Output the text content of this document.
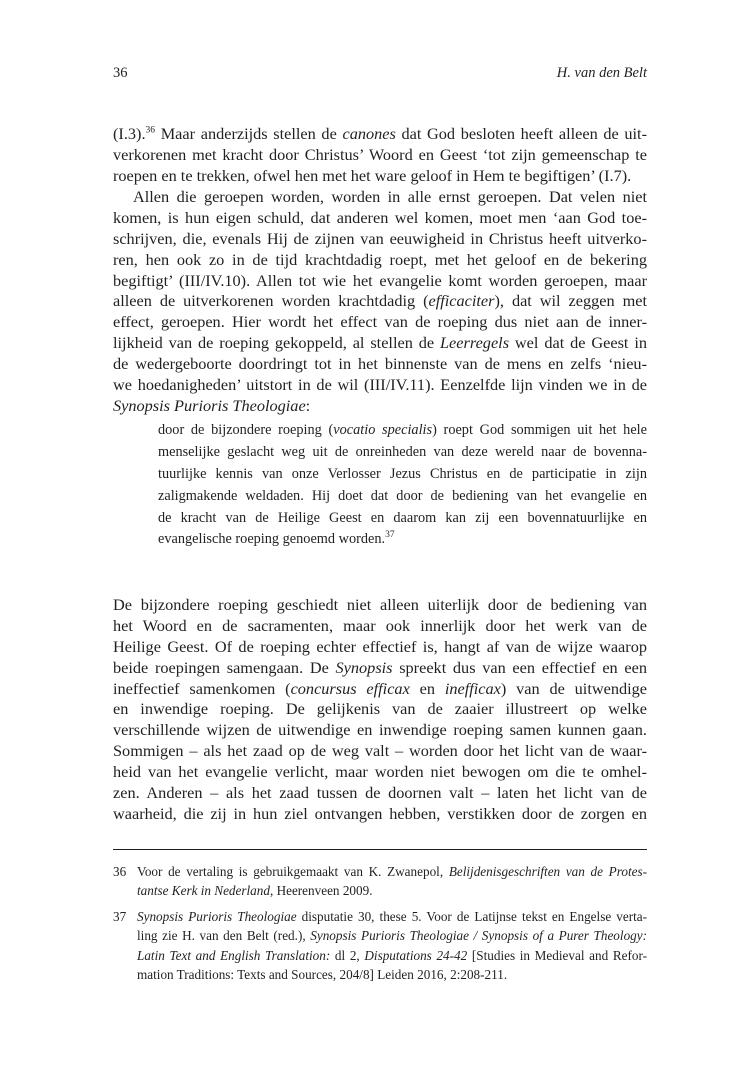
36	H. van den Belt
(I.3).$^{36}$ Maar anderzijds stellen de canones dat God besloten heeft alleen de uit-
verkorenen met kracht door Christus’ Woord en Geest ‘tot zijn gemeenschap te
roepen en te trekken, ofwel hen met het ware geloof in Hem te begiftigen’ (I.7).
Allen die geroepen worden, worden in alle ernst geroepen. Dat velen niet
komen, is hun eigen schuld, dat anderen wel komen, moet men ‘aan God toe-
schrijven, die, evenals Hij de zijnen van eeuwigheid in Christus heeft uitverko-
ren, hen ook zo in de tijd krachtdadig roept, met het geloof en de bekering
begiftigt’ (III/IV.10). Allen tot wie het evangelie komt worden geroepen, maar
alleen de uitverkorenen worden krachtdadig (efficaciter), dat wil zeggen met
effect, geroepen. Hier wordt het effect van de roeping dus niet aan de inner-
lijkheid van de roeping gekoppeld, al stellen de Leerregels wel dat de Geest in
de wedergeboorte doordringt tot in het binnenste van de mens en zelfs ‘nieu-
we hoedanigheden’ uitstort in de wil (III/IV.11). Eenzelfde lijn vinden we in de
Synopsis Purioris Theologiae:
door de bijzondere roeping (vocatio specialis) roept God sommigen uit het hele
menselijke geslacht weg uit de onreinheden van deze wereld naar de bovenna-
tuurlijke kennis van onze Verlosser Jezus Christus en de participatie in zijn
zaligmakende weldaden. Hij doet dat door de bediening van het evangelie en
de kracht van de Heilige Geest en daarom kan zij een bovennatuurlijke en
evangelische roeping genoemd worden.$^{37}$
De bijzondere roeping geschiedt niet alleen uiterlijk door de bediening van
het Woord en de sacramenten, maar ook innerlijk door het werk van de
Heilige Geest. Of de roeping echter effectief is, hangt af van de wijze waarop
beide roepingen samengaan. De Synopsis spreekt dus van een effectief en een
ineffectief samenkomen (concursus efficax en inefficax) van de uitwendige
en inwendige roeping. De gelijkenis van de zaaier illustreert op welke
verschillende wijzen de uitwendige en inwendige roeping samen kunnen gaan.
Sommigen – als het zaad op de weg valt – worden door het licht van de waar-
heid van het evangelie verlicht, maar worden niet bewogen om die te omhel-
zen. Anderen – als het zaad tussen de doornen valt – laten het licht van de
waarheid, die zij in hun ziel ontvangen hebben, verstikken door de zorgen en
36 Voor de vertaling is gebruikgemaakt van K. Zwanepol, Belijdenisgeschriften van de Protes-
tantse Kerk in Nederland, Heerenveen 2009.
37 Synopsis Purioris Theologiae disputatie 30, these 5. Voor de Latijnse tekst en Engelse verta-
ling zie H. van den Belt (red.), Synopsis Purioris Theologiae / Synopsis of a Purer Theology:
Latin Text and English Translation: dl 2, Disputations 24-42 [Studies in Medieval and Refor-
mation Traditions: Texts and Sources, 204/8] Leiden 2016, 2:208-211.
